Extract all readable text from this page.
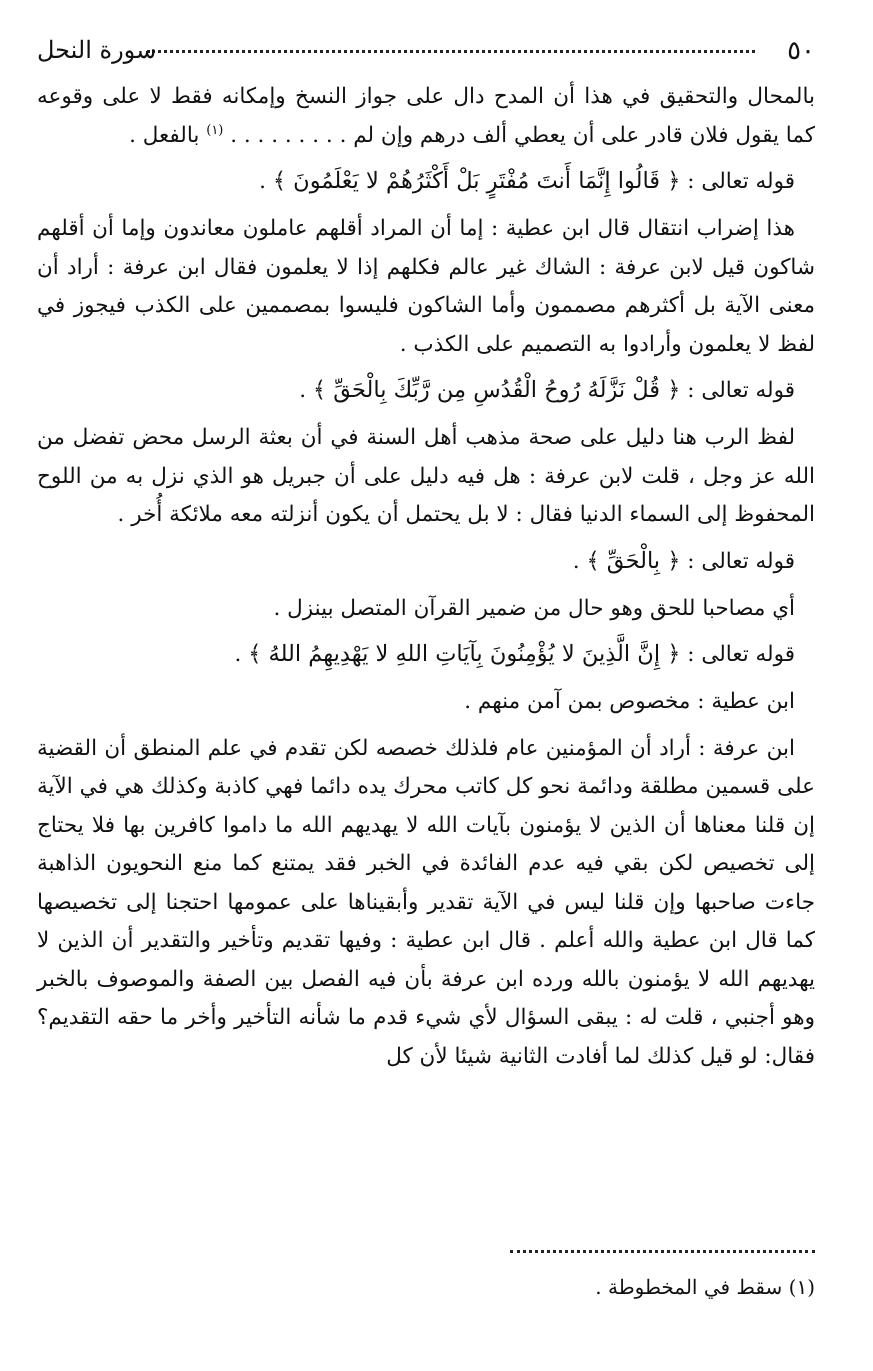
٥٠
سورة النحل

بالمحال والتحقيق في هذا أن المدح دال على جواز النسخ وإمكانه فقط لا على وقوعه كما يقول فلان قادر على أن يعطي ألف درهم وإن لم . . . . . . . . . $^{(١)}$ بالفعل .

قوله تعالى : ﴿ قَالُوا إِنَّمَا أَنتَ مُفْتَرٍ بَلْ أَكْثَرُهُمْ لا يَعْلَمُونَ ﴾ .

هذا إضراب انتقال قال ابن عطية : إما أن المراد أقلهم عاملون معاندون وإما أن أقلهم شاكون قيل لابن عرفة : الشاك غير عالم فكلهم إذا لا يعلمون فقال ابن عرفة : أراد أن معنى الآية بل أكثرهم مصممون وأما الشاكون فليسوا بمصممين على الكذب فيجوز في لفظ لا يعلمون وأرادوا به التصميم على الكذب .

قوله تعالى : ﴿ قُلْ نَزَّلَهُ رُوحُ الْقُدُسِ مِن رَّبِّكَ بِالْحَقِّ ﴾ .

لفظ الرب هنا دليل على صحة مذهب أهل السنة في أن بعثة الرسل محض تفضل من الله عز وجل ، قلت لابن عرفة : هل فيه دليل على أن جبريل هو الذي نزل به من اللوح المحفوظ إلى السماء الدنيا فقال : لا بل يحتمل أن يكون أنزلته معه ملائكة أُخر .

قوله تعالى : ﴿ بِالْحَقِّ ﴾ .

أي مصاحبا للحق وهو حال من ضمير القرآن المتصل بينزل .

قوله تعالى : ﴿ إِنَّ الَّذِينَ لا يُؤْمِنُونَ بِآيَاتِ اللهِ لا يَهْدِيهِمُ اللهُ ﴾ .

ابن عطية : مخصوص بمن آمن منهم .

ابن عرفة : أراد أن المؤمنين عام فلذلك خصصه لكن تقدم في علم المنطق أن القضية على قسمين مطلقة ودائمة نحو كل كاتب محرك يده دائما فهي كاذبة وكذلك هي في الآية إن قلنا معناها أن الذين لا يؤمنون بآيات الله لا يهديهم الله ما داموا كافرين بها فلا يحتاج إلى تخصيص لكن بقي فيه عدم الفائدة في الخبر فقد يمتنع كما منع النحويون الذاهبة جاءت صاحبها وإن قلنا ليس في الآية تقدير وأبقيناها على عمومها احتجنا إلى تخصيصها كما قال ابن عطية والله أعلم . قال ابن عطية : وفيها تقديم وتأخير والتقدير أن الذين لا يهديهم الله لا يؤمنون بالله ورده ابن عرفة بأن فيه الفصل بين الصفة والموصوف بالخبر وهو أجنبي ، قلت له : يبقى السؤال لأي شيء قدم ما شأنه التأخير وأخر ما حقه التقديم؟ فقال: لو قيل كذلك لما أفادت الثانية شيئا لأن كل

(١) سقط في المخطوطة .
